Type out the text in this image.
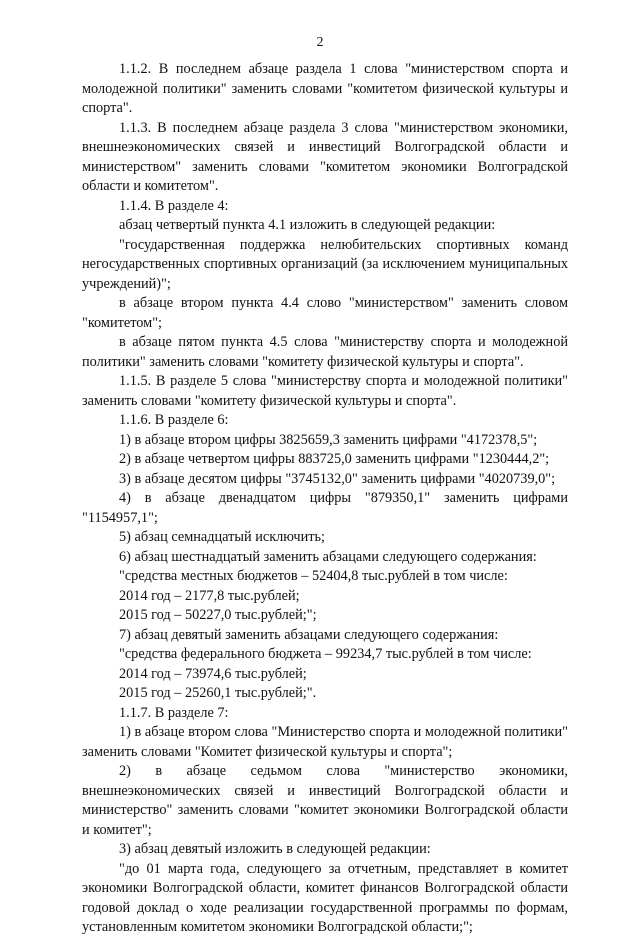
2

1.1.2. В последнем абзаце раздела 1 слова "министерством спорта и молодежной политики" заменить словами "комитетом физической культуры и спорта".

1.1.3. В последнем абзаце раздела 3 слова "министерством экономики, внешнеэкономических связей и инвестиций Волгоградской области и министерством" заменить словами "комитетом экономики Волгоградской области и комитетом".

1.1.4. В разделе 4:

абзац четвертый пункта 4.1 изложить в следующей редакции:

"государственная поддержка нелюбительских спортивных команд негосударственных спортивных организаций (за исключением муниципальных учреждений)";

в абзаце втором пункта 4.4 слово "министерством" заменить словом "комитетом";

в абзаце пятом пункта 4.5 слова "министерству спорта и молодежной политики" заменить словами "комитету физической культуры и спорта".

1.1.5. В разделе 5 слова "министерству спорта и молодежной политики" заменить словами "комитету физической культуры и спорта".

1.1.6. В разделе 6:

1) в абзаце втором цифры 3825659,3 заменить цифрами "4172378,5";

2) в абзаце четвертом цифры 883725,0 заменить цифрами "1230444,2";

3) в абзаце десятом цифры "3745132,0" заменить цифрами "4020739,0";

4) в абзаце двенадцатом цифры "879350,1" заменить цифрами "1154957,1";

5) абзац семнадцатый исключить;

6) абзац шестнадцатый заменить абзацами следующего содержания:

"средства местных бюджетов – 52404,8 тыс.рублей в том числе:

2014 год – 2177,8 тыс.рублей;

2015 год – 50227,0 тыс.рублей;";

7) абзац девятый заменить абзацами следующего содержания:

"средства федерального бюджета – 99234,7 тыс.рублей в том числе:

2014 год – 73974,6 тыс.рублей;

2015 год – 25260,1 тыс.рублей;".

1.1.7. В разделе 7:

1) в абзаце втором слова "Министерство спорта и молодежной политики" заменить словами "Комитет физической культуры и спорта";

2) в абзаце седьмом слова "министерство экономики, внешнеэкономических связей и инвестиций Волгоградской области и министерство" заменить словами "комитет экономики Волгоградской области и комитет";

3) абзац девятый изложить в следующей редакции:

"до 01 марта года, следующего за отчетным, представляет в комитет экономики Волгоградской области, комитет финансов Волгоградской области годовой доклад о ходе реализации государственной программы по формам, установленным комитетом экономики Волгоградской области;";
